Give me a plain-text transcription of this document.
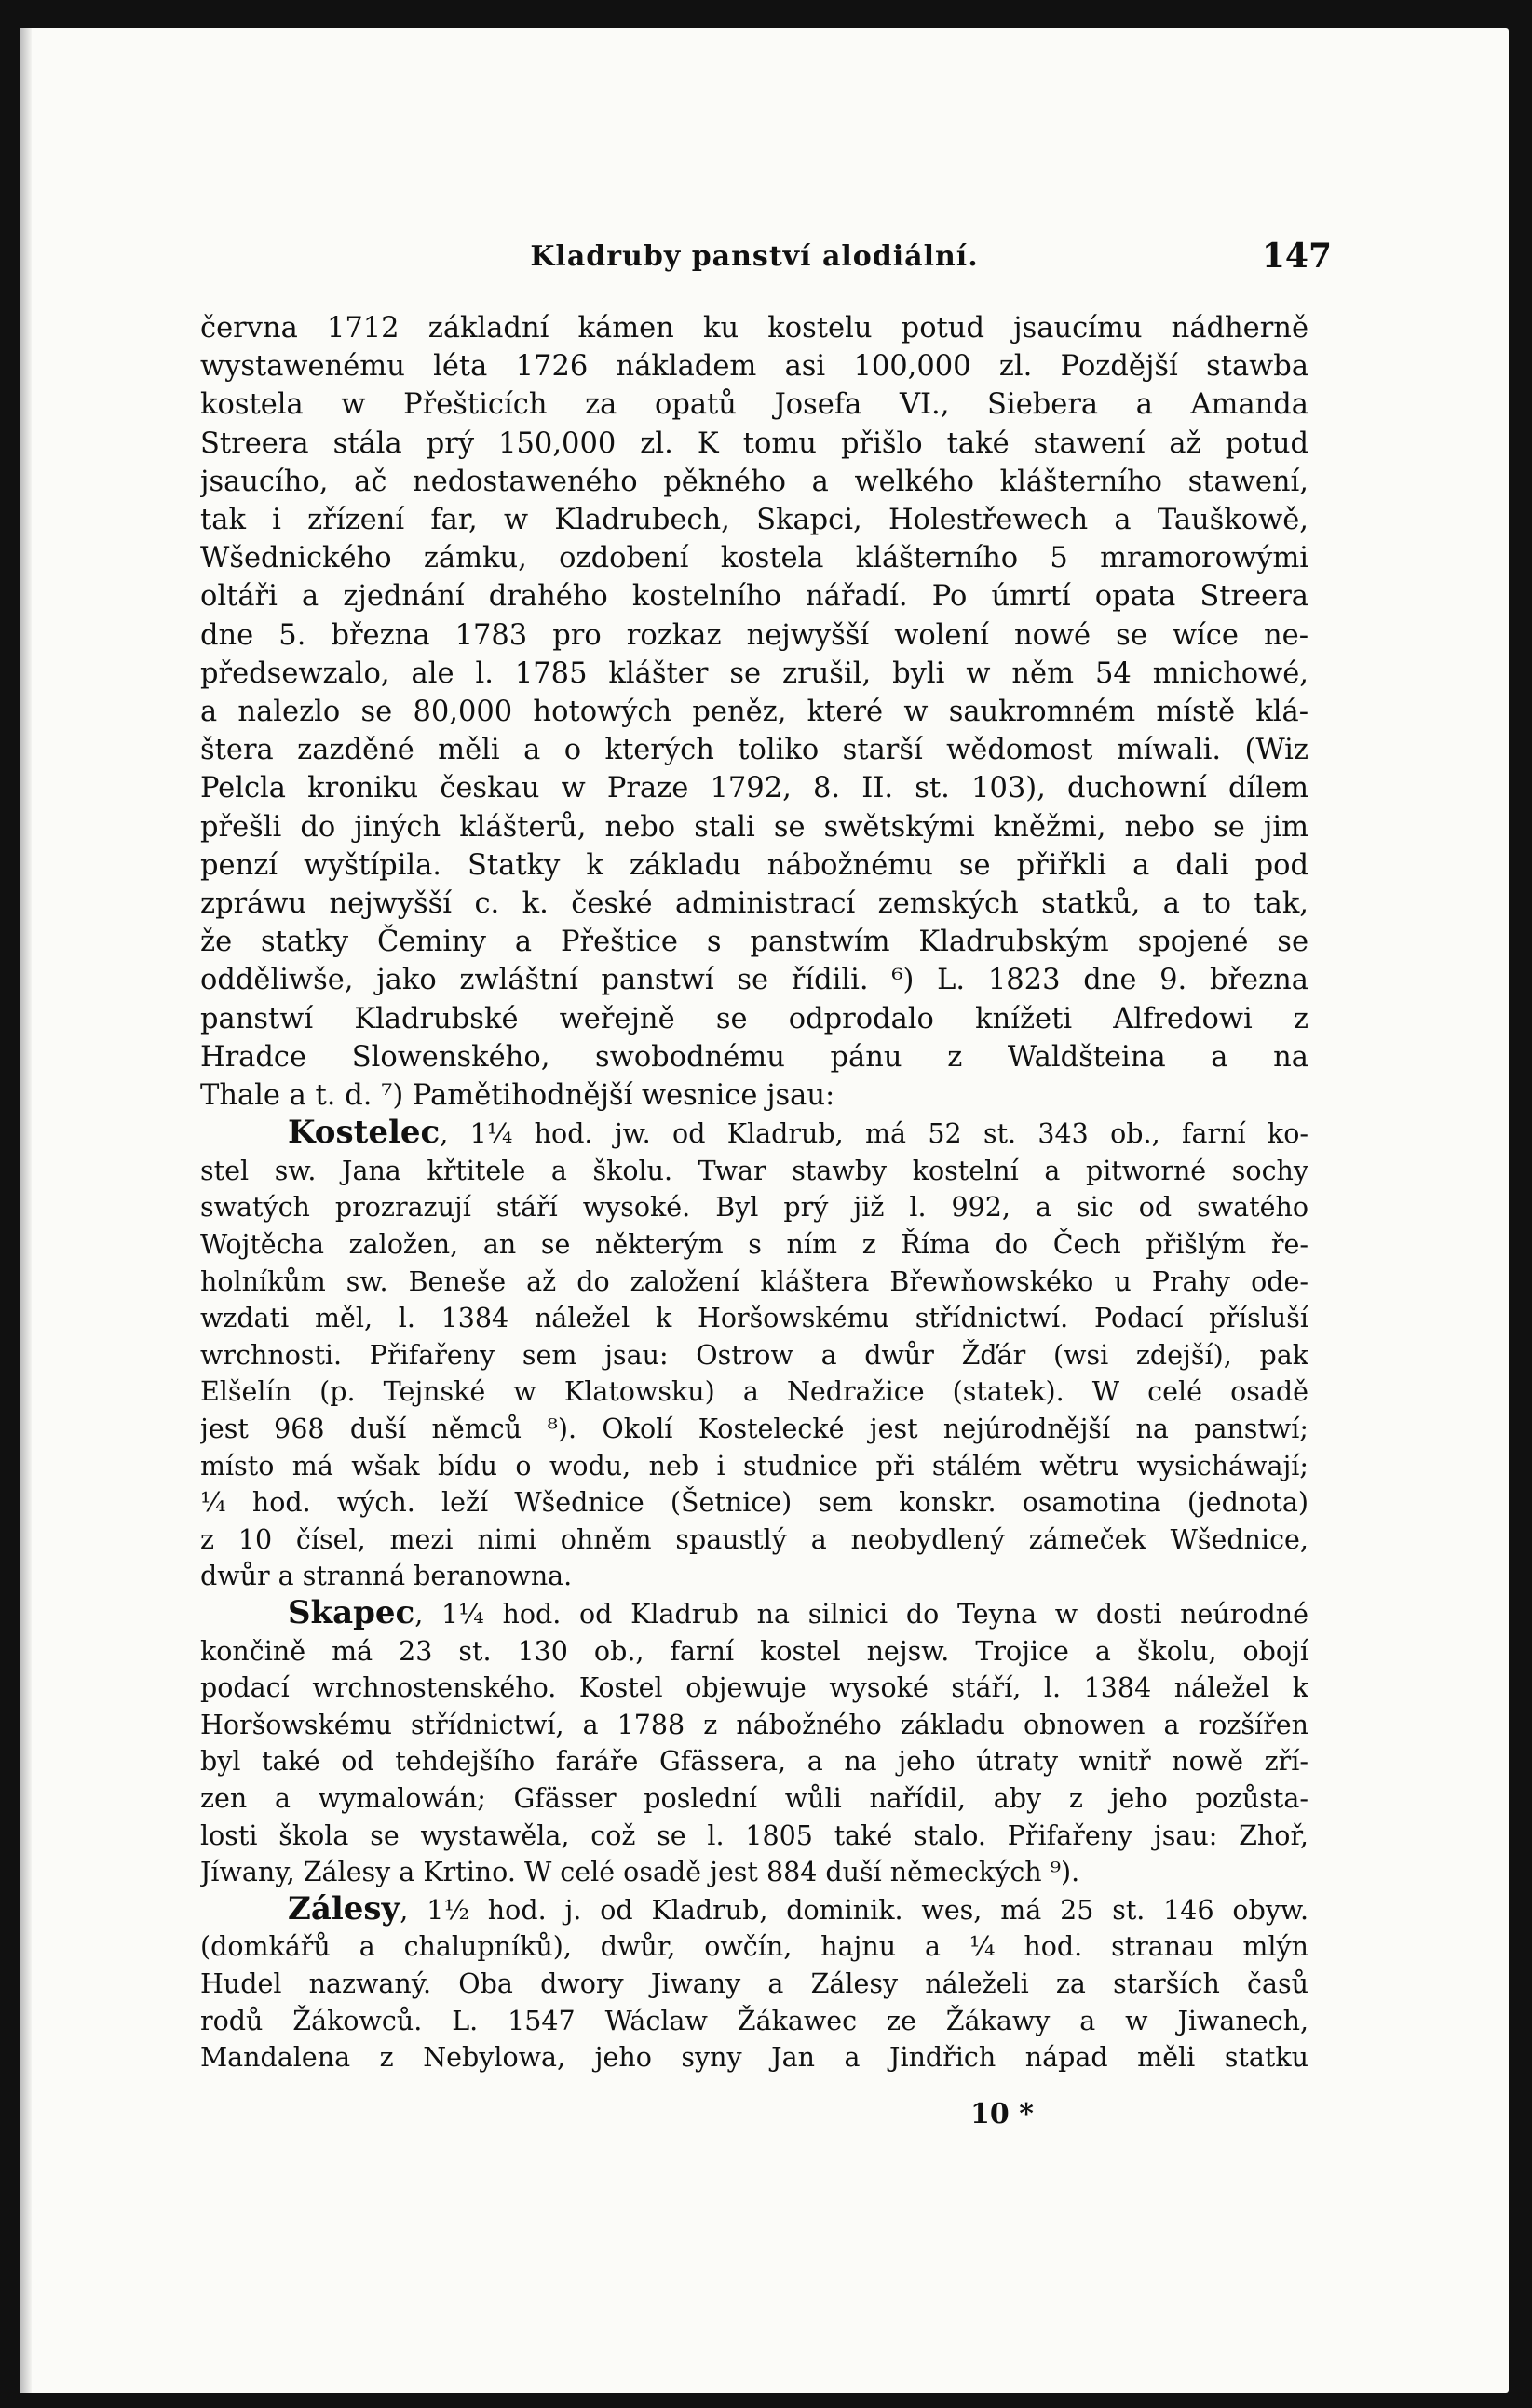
Kladruby panství alodiální.	147

června 1712 základní kámen ku kostelu potud jsaucímu nádherně
wystawenému léta 1726 nákladem asi 100,000 zl. Pozdější stawba
kostela w Přešticích za opatů Josefa VI., Siebera a Amanda
Streera stála prý 150,000 zl. K tomu přišlo také stawení až potud
jsaucího, ač nedostaweného pěkného a welkého klášterního stawení,
tak i zřízení far, w Kladrubech, Skapci, Holestřewech a Tauškowě,
Wšednického zámku, ozdobení kostela klášterního 5 mramorowými
oltáři a zjednání drahého kostelního nářadí. Po úmrtí opata Streera
dne 5. března 1783 pro rozkaz nejwyšší wolení nowé se wíce ne-
předsewzalo, ale l. 1785 klášter se zrušil, byli w něm 54 mnichowé,
a nalezlo se 80,000 hotowých peněz, které w saukromném místě klá-
štera zazděné měli a o kterých toliko starší wědomost míwali. (Wiz
Pelcla kroniku českau w Praze 1792, 8. II. st. 103), duchowní dílem
přešli do jiných klášterů, nebo stali se swětskými kněžmi, nebo se jim
penzí wyštípila. Statky k základu nábožnému se přiřkli a dali pod
zpráwu nejwyšší c. k. české administrací zemských statků, a to tak,
že statky Čeminy a Přeštice s panstwím Kladrubským spojené se
odděliwše, jako zwláštní panstwí se řídili. ⁶) L. 1823 dne 9. března
panstwí Kladrubské weřejně se odprodalo knížeti Alfredowi z
Hradce Slowenského, swobodnému pánu z Waldšteina a na
Thale a t. d. ⁷) Pamětihodnější wesnice jsau:

Kostelec, 1¼ hod. jw. od Kladrub, má 52 st. 343 ob., farní ko-
stel sw. Jana křtitele a školu. Twar stawby kostelní a pitworné sochy
swatých prozrazují stáří wysoké. Byl prý již l. 992, a sic od swatého
Wojtěcha založen, an se některým s ním z Říma do Čech přišlým ře-
holníkům sw. Beneše až do založení kláštera Břewňowskéko u Prahy ode-
wzdati měl, l. 1384 náležel k Horšowskému střídnictwí. Podací přísluší
wrchnosti. Přifařeny sem jsau: Ostrow a dwůr Žďár (wsi zdejší), pak
Elšelín (p. Tejnské w Klatowsku) a Nedražice (statek). W celé osadě
jest 968 duší němců ⁸). Okolí Kostelecké jest nejúrodnější na panstwí;
místo má wšak bídu o wodu, neb i studnice při stálém wětru wysicháwají;
¼ hod. wých. leží Wšednice (Šetnice) sem konskr. osamotina (jednota)
z 10 čísel, mezi nimi ohněm spaustlý a neobydlený zámeček Wšednice,
dwůr a stranná beranowna.

Skapec, 1¼ hod. od Kladrub na silnici do Teyna w dosti neúrodné
končině má 23 st. 130 ob., farní kostel nejsw. Trojice a školu, obojí
podací wrchnostenského. Kostel objewuje wysoké stáří, l. 1384 náležel k
Horšowskému střídnictwí, a 1788 z nábožného základu obnowen a rozšířen
byl také od tehdejšího faráře Gfässera, a na jeho útraty wnitř nowě zří-
zen a wymalowán; Gfässer poslední wůli nařídil, aby z jeho pozůsta-
losti škola se wystawěla, což se l. 1805 také stalo. Přifařeny jsau: Zhoř,
Jíwany, Zálesy a Krtino. W celé osadě jest 884 duší německých ⁹).

Zálesy, 1½ hod. j. od Kladrub, dominik. wes, má 25 st. 146 obyw.
(domkářů a chalupníků), dwůr, owčín, hajnu a ¼ hod. stranau mlýn
Hudel nazwaný. Oba dwory Jiwany a Zálesy náleželi za starších časů
rodů Žákowců. L. 1547 Wáclaw Žákawec ze Žákawy a w Jiwanech,
Mandalena z Nebylowa, jeho syny Jan a Jindřich nápad měli statku

10 *
